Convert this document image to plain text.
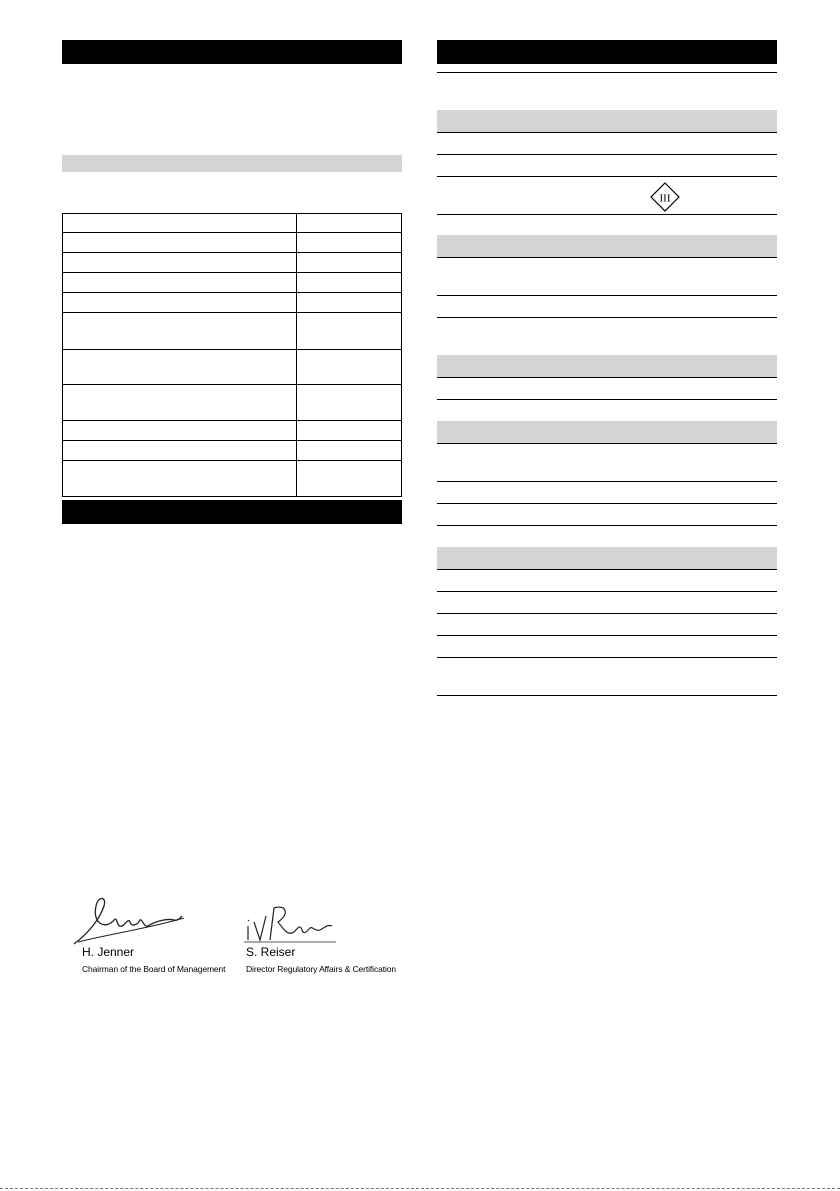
H. Jenner
Chairman of the Board of Management
S. Reiser
Director Regulatory Affairs & Certification
III
